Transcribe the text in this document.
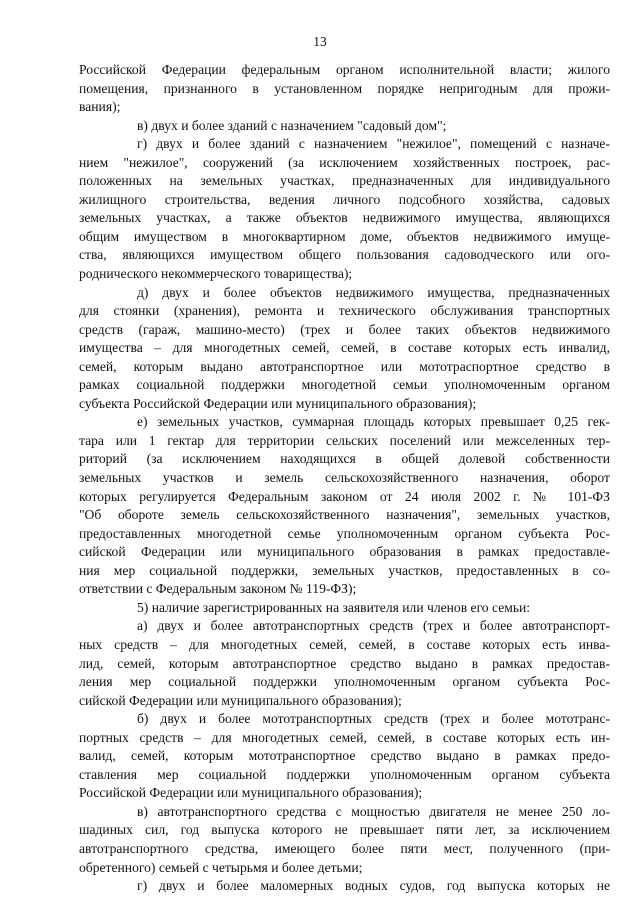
13
Российской Федерации федеральным органом исполнительной власти; жилого
помещения, признанного в установленном порядке непригодным для прожи-
вания);
в) двух и более зданий с назначением "садовый дом";
г) двух и более зданий с назначением "нежилое", помещений с назначе-
нием "нежилое", сооружений (за исключением хозяйственных построек, рас-
положенных на земельных участках, предназначенных для индивидуального
жилищного строительства, ведения личного подсобного хозяйства, садовых
земельных участках, а также объектов недвижимого имущества, являющихся
общим имуществом в многоквартирном доме, объектов недвижимого имуще-
ства, являющихся имуществом общего пользования садоводческого или ого-
роднического некоммерческого товарищества);
д) двух и более объектов недвижимого имущества, предназначенных
для стоянки (хранения), ремонта и технического обслуживания транспортных
средств (гараж, машино-место) (трех и более таких объектов недвижимого
имущества – для многодетных семей, семей, в составе которых есть инвалид,
семей, которым выдано автотранспортное или мототраспортное средство в
рамках социальной поддержки многодетной семьи уполномоченным органом
субъекта Российской Федерации или муниципального образования);
е) земельных участков, суммарная площадь которых превышает 0,25 гек-
тара или 1 гектар для территории сельских поселений или межселенных тер-
риторий (за исключением находящихся в общей долевой собственности
земельных участков и земель сельскохозяйственного назначения, оборот
которых регулируется Федеральным законом от 24 июля 2002 г. № 101-ФЗ
"Об обороте земель сельскохозяйственного назначения", земельных участков,
предоставленных многодетной семье уполномоченным органом субъекта Рос-
сийской Федерации или муниципального образования в рамках предоставле-
ния мер социальной поддержки, земельных участков, предоставленных в со-
ответствии с Федеральным законом № 119-ФЗ);
5) наличие зарегистрированных на заявителя или членов его семьи:
а) двух и более автотранспортных средств (трех и более автотранспорт-
ных средств – для многодетных семей, семей, в составе которых есть инва-
лид, семей, которым автотранспортное средство выдано в рамках предостав-
ления мер социальной поддержки уполномоченным органом субъекта Рос-
сийской Федерации или муниципального образования);
б) двух и более мототранспортных средств (трех и более мототранс-
портных средств – для многодетных семей, семей, в составе которых есть ин-
валид, семей, которым мототранспортное средство выдано в рамках предо-
ставления мер социальной поддержки уполномоченным органом субъекта
Российской Федерации или муниципального образования);
в) автотранспортного средства с мощностью двигателя не менее 250 ло-
шадиных сил, год выпуска которого не превышает пяти лет, за исключением
автотранспортного средства, имеющего более пяти мест, полученного (при-
обретенного) семьей с четырьмя и более детьми;
г) двух и более маломерных водных судов, год выпуска которых не
